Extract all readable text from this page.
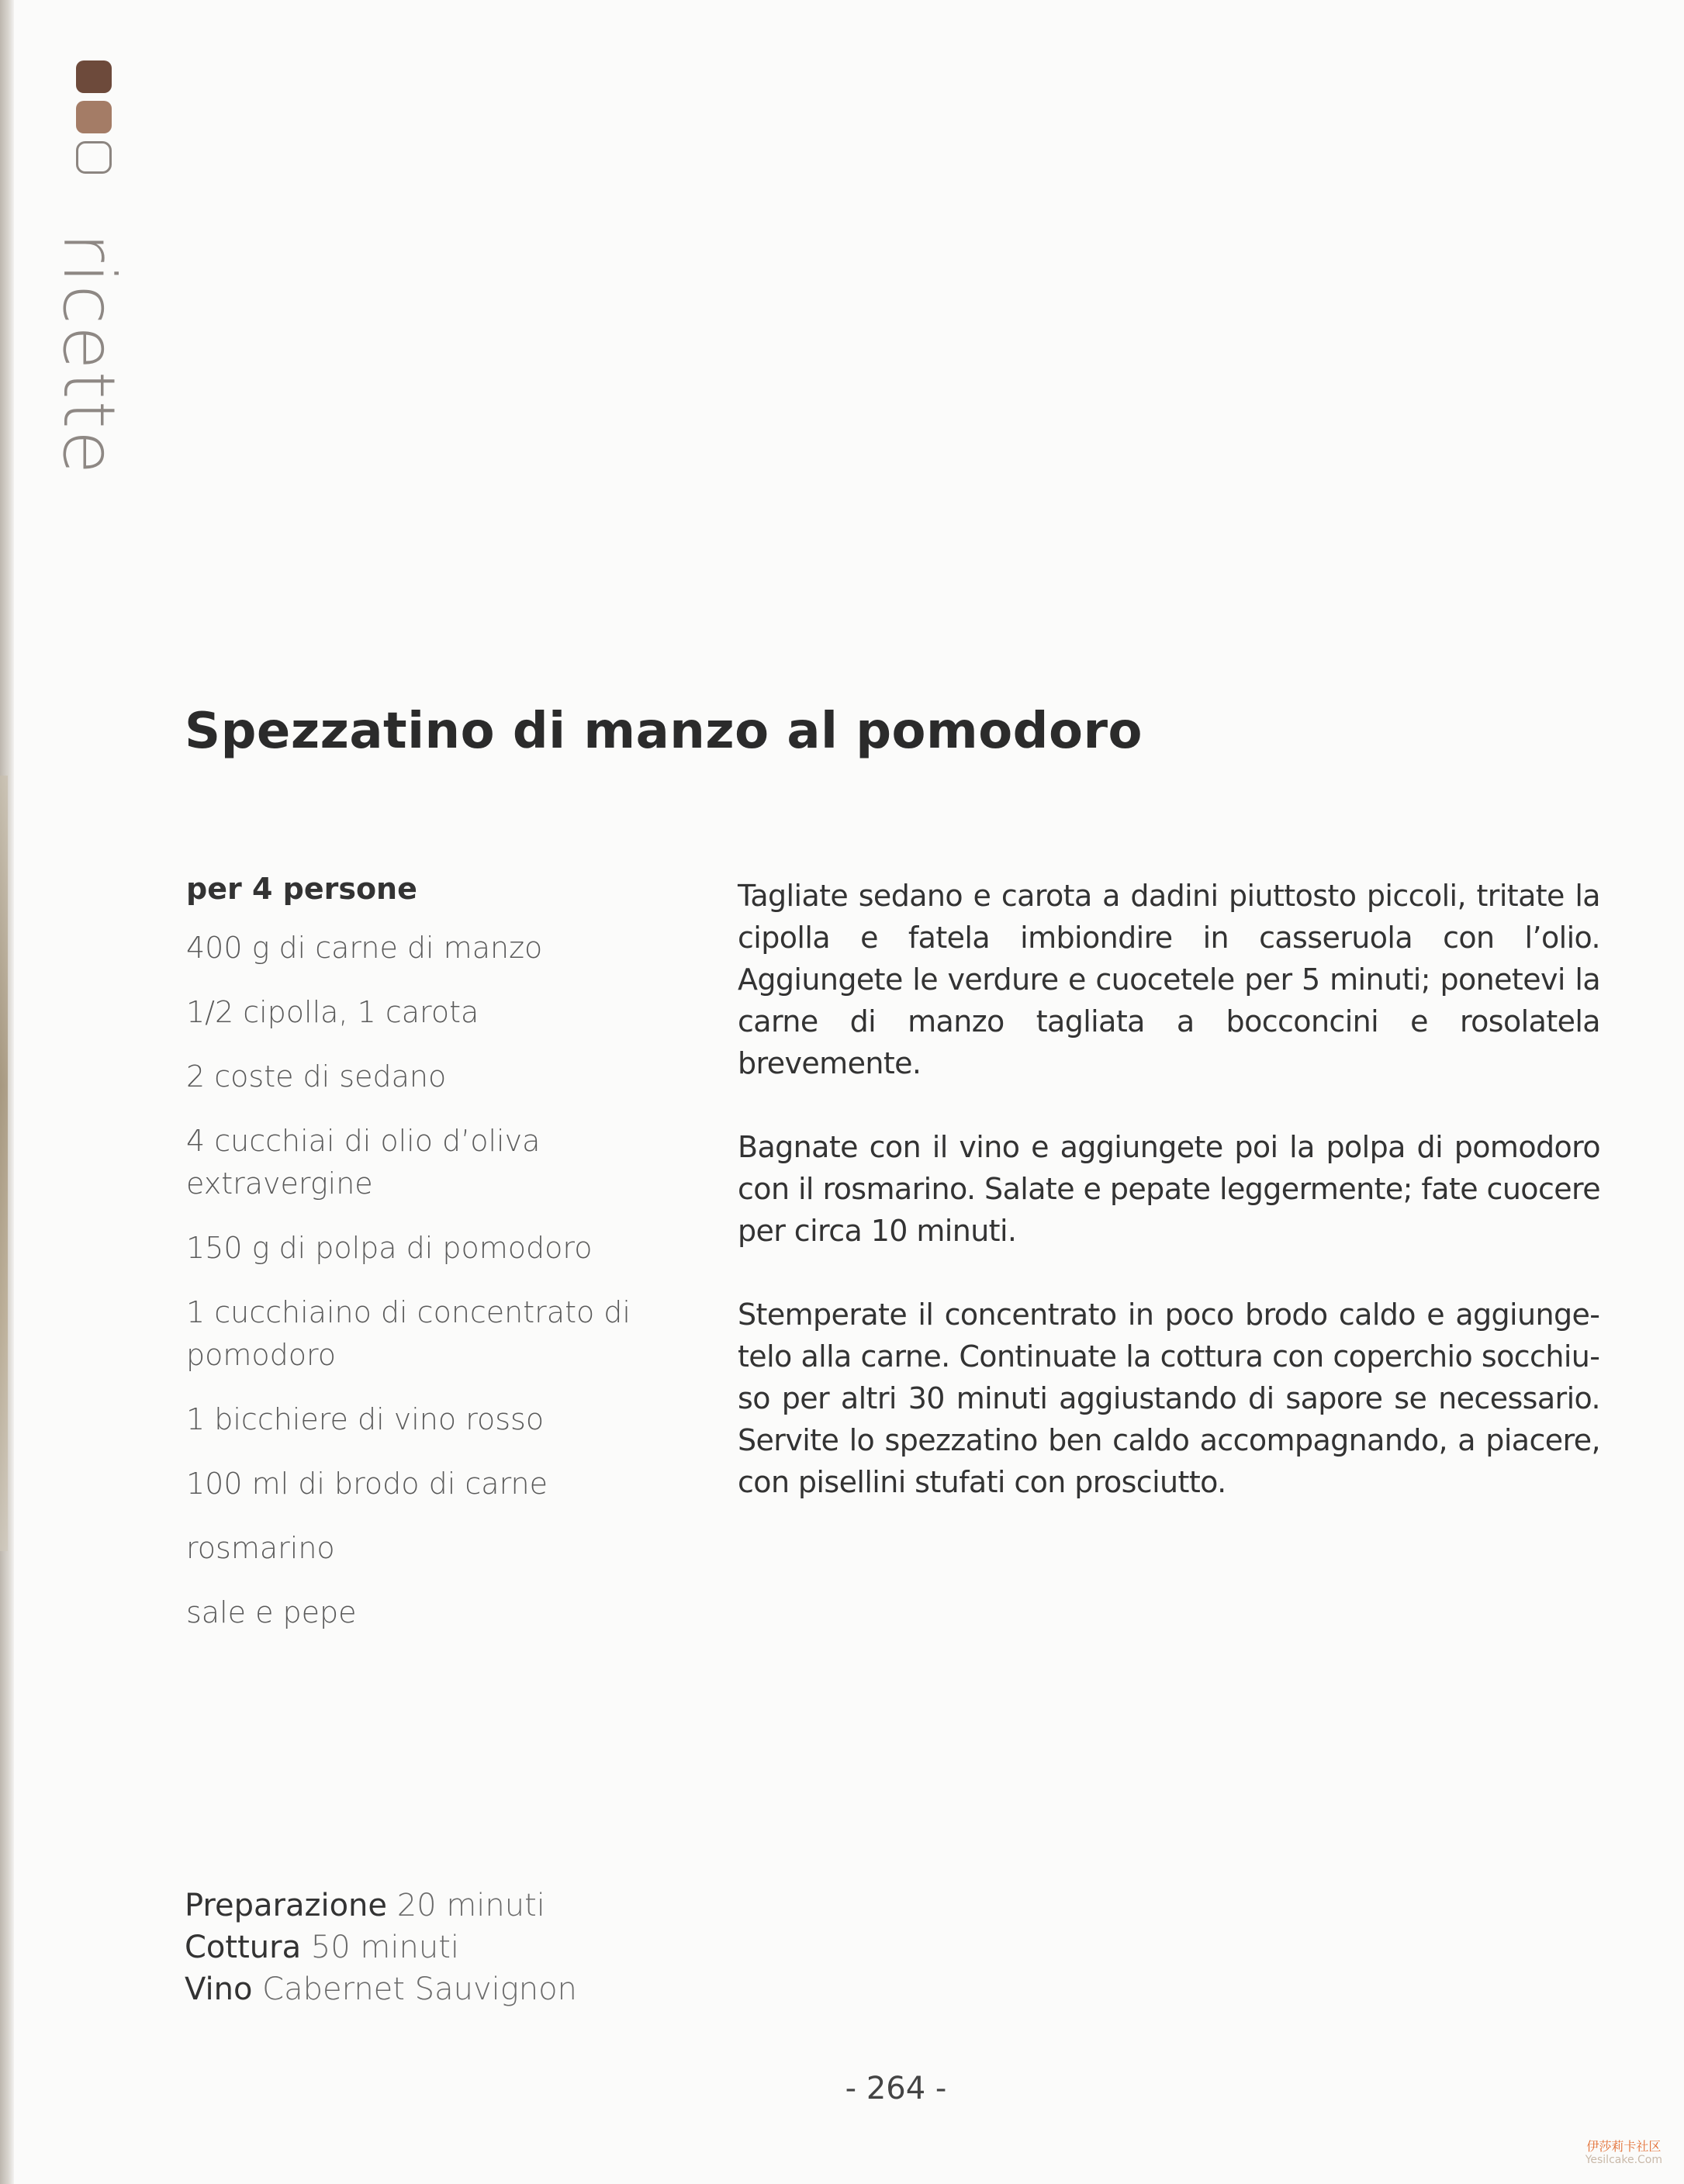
ricette
Spezzatino di manzo al pomodoro
per 4 persone
400 g di carne di manzo
1/2 cipolla, 1 carota
2 coste di sedano
4 cucchiai di olio d’oliva extravergine
150 g di polpa di pomodoro
1 cucchiaino di concentrato di pomodoro
1 bicchiere di vino rosso
100 ml di brodo di carne
rosmarino
sale e pepe

Tagliate sedano e carota a dadini piuttosto piccoli, tritate la cipolla e fatela imbiondire in casseruola con l’olio. Aggiungete le verdure e cuocetele per 5 minuti; ponetevi la carne di manzo tagliata a bocconcini e rosolatela brevemente.

Bagnate con il vino e aggiungete poi la polpa di pomodoro con il rosmarino. Salate e pepate leggermente; fate cuocere per circa 10 minuti.

Stemperate il concentrato in poco brodo caldo e aggiungetelo alla carne. Continuate la cottura con coperchio socchiuso per altri 30 minuti aggiustando di sapore se necessario. Servite lo spezzatino ben caldo accompagnando, a piacere, con pisellini stufati con prosciutto.

Preparazione 20 minuti
Cottura 50 minuti
Vino Cabernet Sauvignon
- 264 -
伊莎莉卡社区
Yesilcake.Com
